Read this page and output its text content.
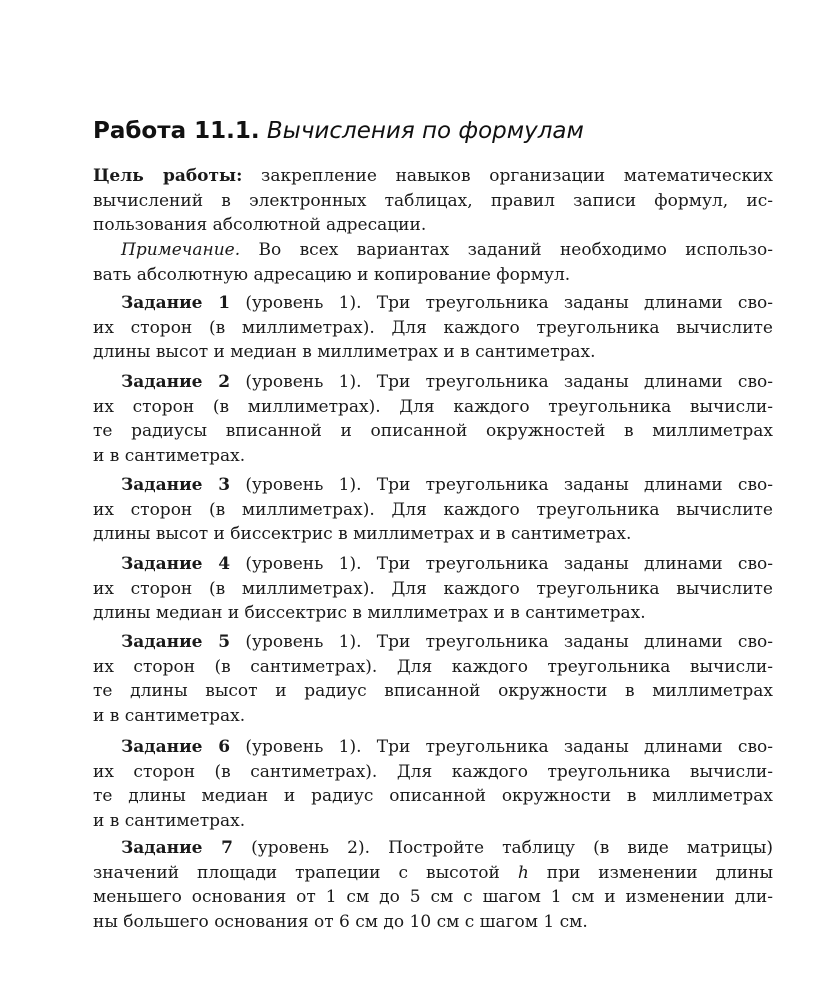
Работа 11.1. Вычисления по формулам
Цель работы: закрепление навыков организации математических
вычислений в электронных таблицах, правил записи формул, ис-
пользования абсолютной адресации.
Примечание. Во всех вариантах заданий необходимо использо-
вать абсолютную адресацию и копирование формул.
Задание 1 (уровень 1). Три треугольника заданы длинами сво-
их сторон (в миллиметрах). Для каждого треугольника вычислите
длины высот и медиан в миллиметрах и в сантиметрах.
Задание 2 (уровень 1). Три треугольника заданы длинами сво-
их сторон (в миллиметрах). Для каждого треугольника вычисли-
те радиусы вписанной и описанной окружностей в миллиметрах
и в сантиметрах.
Задание 3 (уровень 1). Три треугольника заданы длинами сво-
их сторон (в миллиметрах). Для каждого треугольника вычислите
длины высот и биссектрис в миллиметрах и в сантиметрах.
Задание 4 (уровень 1). Три треугольника заданы длинами сво-
их сторон (в миллиметрах). Для каждого треугольника вычислите
длины медиан и биссектрис в миллиметрах и в сантиметрах.
Задание 5 (уровень 1). Три треугольника заданы длинами сво-
их сторон (в сантиметрах). Для каждого треугольника вычисли-
те длины высот и радиус вписанной окружности в миллиметрах
и в сантиметрах.
Задание 6 (уровень 1). Три треугольника заданы длинами сво-
их сторон (в сантиметрах). Для каждого треугольника вычисли-
те длины медиан и радиус описанной окружности в миллиметрах
и в сантиметрах.
Задание 7 (уровень 2). Постройте таблицу (в виде матрицы)
значений площади трапеции с высотой h при изменении длины
меньшего основания от 1 см до 5 см с шагом 1 см и изменении дли-
ны большего основания от 6 см до 10 см с шагом 1 см.
